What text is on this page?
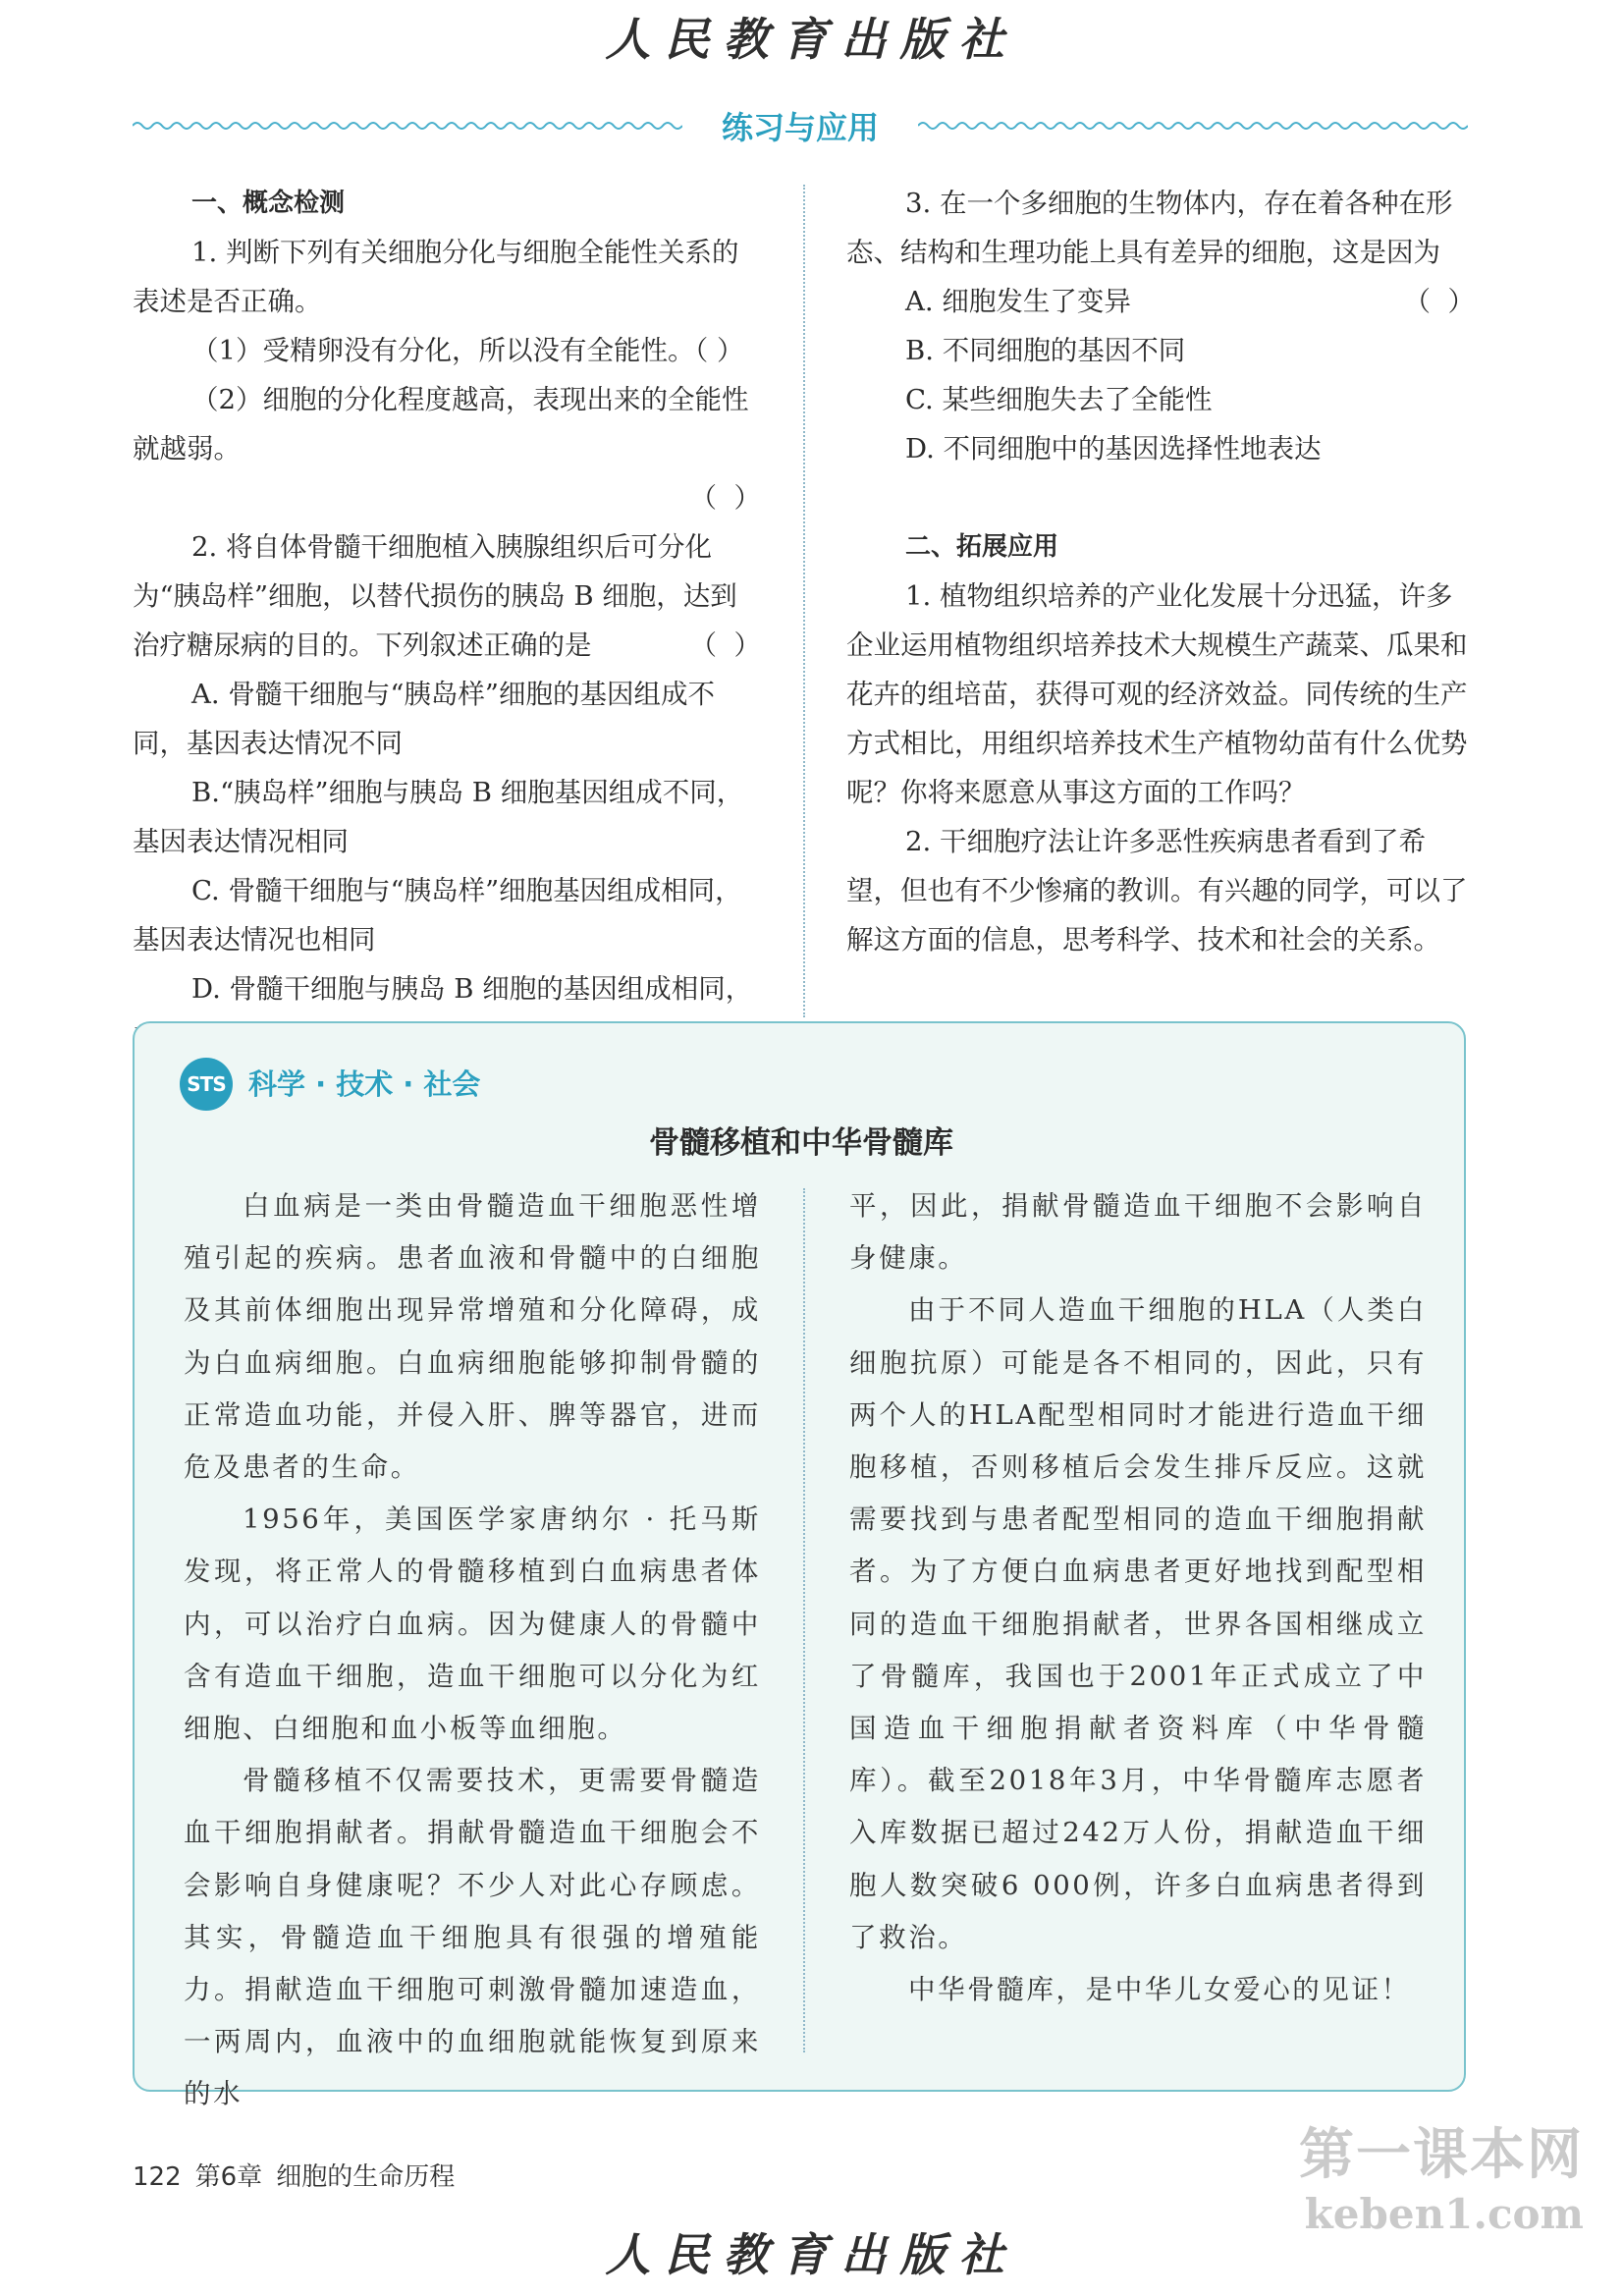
人民教育出版社
练习与应用

一、概念检测

1. 判断下列有关细胞分化与细胞全能性关系的表述是否正确。

（1）受精卵没有分化，所以没有全能性。（ ）

（2）细胞的分化程度越高，表现出来的全能性就越弱。

（  ）

2. 将自体骨髓干细胞植入胰腺组织后可分化为“胰岛样”细胞，以替代损伤的胰岛 B 细胞，达到治疗糖尿病的目的。下列叙述正确的是	（  ）

A. 骨髓干细胞与“胰岛样”细胞的基因组成不同，基因表达情况不同

B.“胰岛样”细胞与胰岛 B 细胞基因组成不同，基因表达情况相同

C. 骨髓干细胞与“胰岛样”细胞基因组成相同，基因表达情况也相同

D. 骨髓干细胞与胰岛 B 细胞的基因组成相同，

3. 在一个多细胞的生物体内，存在着各种在形态、结构和生理功能上具有差异的细胞，这是因为
（  ）

A. 细胞发生了变异

B. 不同细胞的基因不同

C. 某些细胞失去了全能性

D. 不同细胞中的基因选择性地表达

二、拓展应用

1. 植物组织培养的产业化发展十分迅猛，许多企业运用植物组织培养技术大规模生产蔬菜、瓜果和花卉的组培苗，获得可观的经济效益。同传统的生产方式相比，用组织培养技术生产植物幼苗有什么优势呢？你将来愿意从事这方面的工作吗？

2. 干细胞疗法让许多恶性疾病患者看到了希望，但也有不少惨痛的教训。有兴趣的同学，可以了解这方面的信息，思考科学、技术和社会的关系。

STS 科学 · 技术 · 社会
骨髓移植和中华骨髓库

白血病是一类由骨髓造血干细胞恶性增殖引起的疾病。患者血液和骨髓中的白细胞及其前体细胞出现异常增殖和分化障碍，成为白血病细胞。白血病细胞能够抑制骨髓的正常造血功能，并侵入肝、脾等器官，进而危及患者的生命。

1956年，美国医学家唐纳尔 · 托马斯发现，将正常人的骨髓移植到白血病患者体内，可以治疗白血病。因为健康人的骨髓中含有造血干细胞，造血干细胞可以分化为红细胞、白细胞和血小板等血细胞。

骨髓移植不仅需要技术，更需要骨髓造血干细胞捐献者。捐献骨髓造血干细胞会不会影响自身健康呢？不少人对此心存顾虑。其实，骨髓造血干细胞具有很强的增殖能力。捐献造血干细胞可刺激骨髓加速造血，一两周内，血液中的血细胞就能恢复到原来的水

平，因此，捐献骨髓造血干细胞不会影响自身健康。

由于不同人造血干细胞的HLA（人类白细胞抗原）可能是各不相同的，因此，只有两个人的HLA配型相同时才能进行造血干细胞移植，否则移植后会发生排斥反应。这就需要找到与患者配型相同的造血干细胞捐献者。为了方便白血病患者更好地找到配型相同的造血干细胞捐献者，世界各国相继成立了骨髓库，我国也于2001年正式成立了中国造血干细胞捐献者资料库（中华骨髓库）。截至2018年3月，中华骨髓库志愿者入库数据已超过242万人份，捐献造血干细胞人数突破6 000例，许多白血病患者得到了救治。

中华骨髓库，是中华儿女爱心的见证！

122 第6章 细胞的生命历程	第一课本网
keben1.com
人民教育出版社
